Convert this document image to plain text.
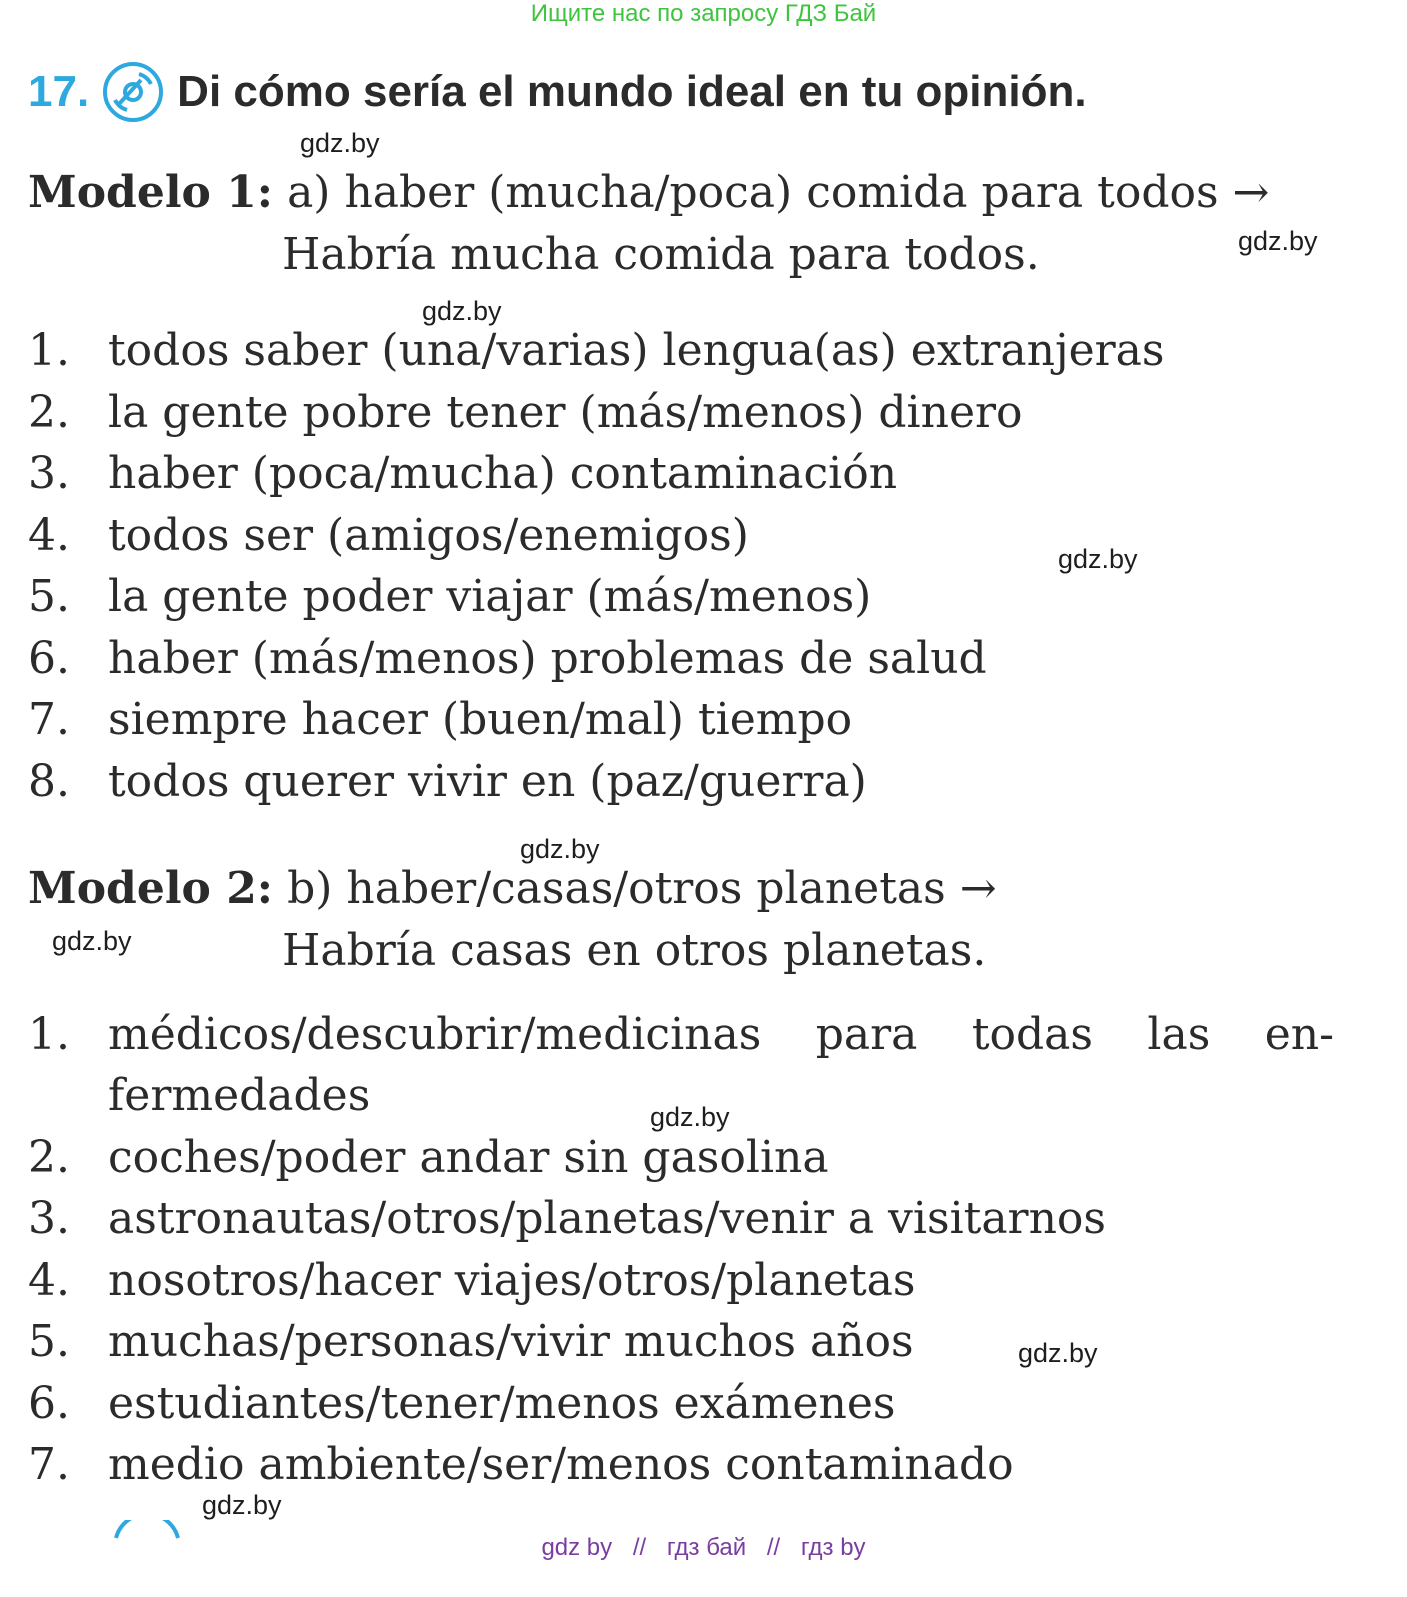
Ищите нас по запросу ГДЗ Бай
17. Di cómo sería el mundo ideal en tu opinión.
Modelo 1: a) haber (mucha/poca) comida para todos →
Habría mucha comida para todos.
1. todos saber (una/varias) lengua(as) extranjeras
2. la gente pobre tener (más/menos) dinero
3. haber (poca/mucha) contaminación
4. todos ser (amigos/enemigos)
5. la gente poder viajar (más/menos)
6. haber (más/menos) problemas de salud
7. siempre hacer (buen/mal) tiempo
8. todos querer vivir en (paz/guerra)
Modelo 2: b) haber/casas/otros planetas →
Habría casas en otros planetas.
1. médicos/descubrir/medicinas para todas las en-
fermedades
2. coches/poder andar sin gasolina
3. astronautas/otros/planetas/venir a visitarnos
4. nosotros/hacer viajes/otros/planetas
5. muchas/personas/vivir muchos años
6. estudiantes/tener/menos exámenes
7. medio ambiente/ser/menos contaminado
gdz.by
gdz.by
gdz.by
gdz.by
gdz.by
gdz.by
gdz.by
gdz.by
gdz.by
gdz by // гдз бай // гдз by
